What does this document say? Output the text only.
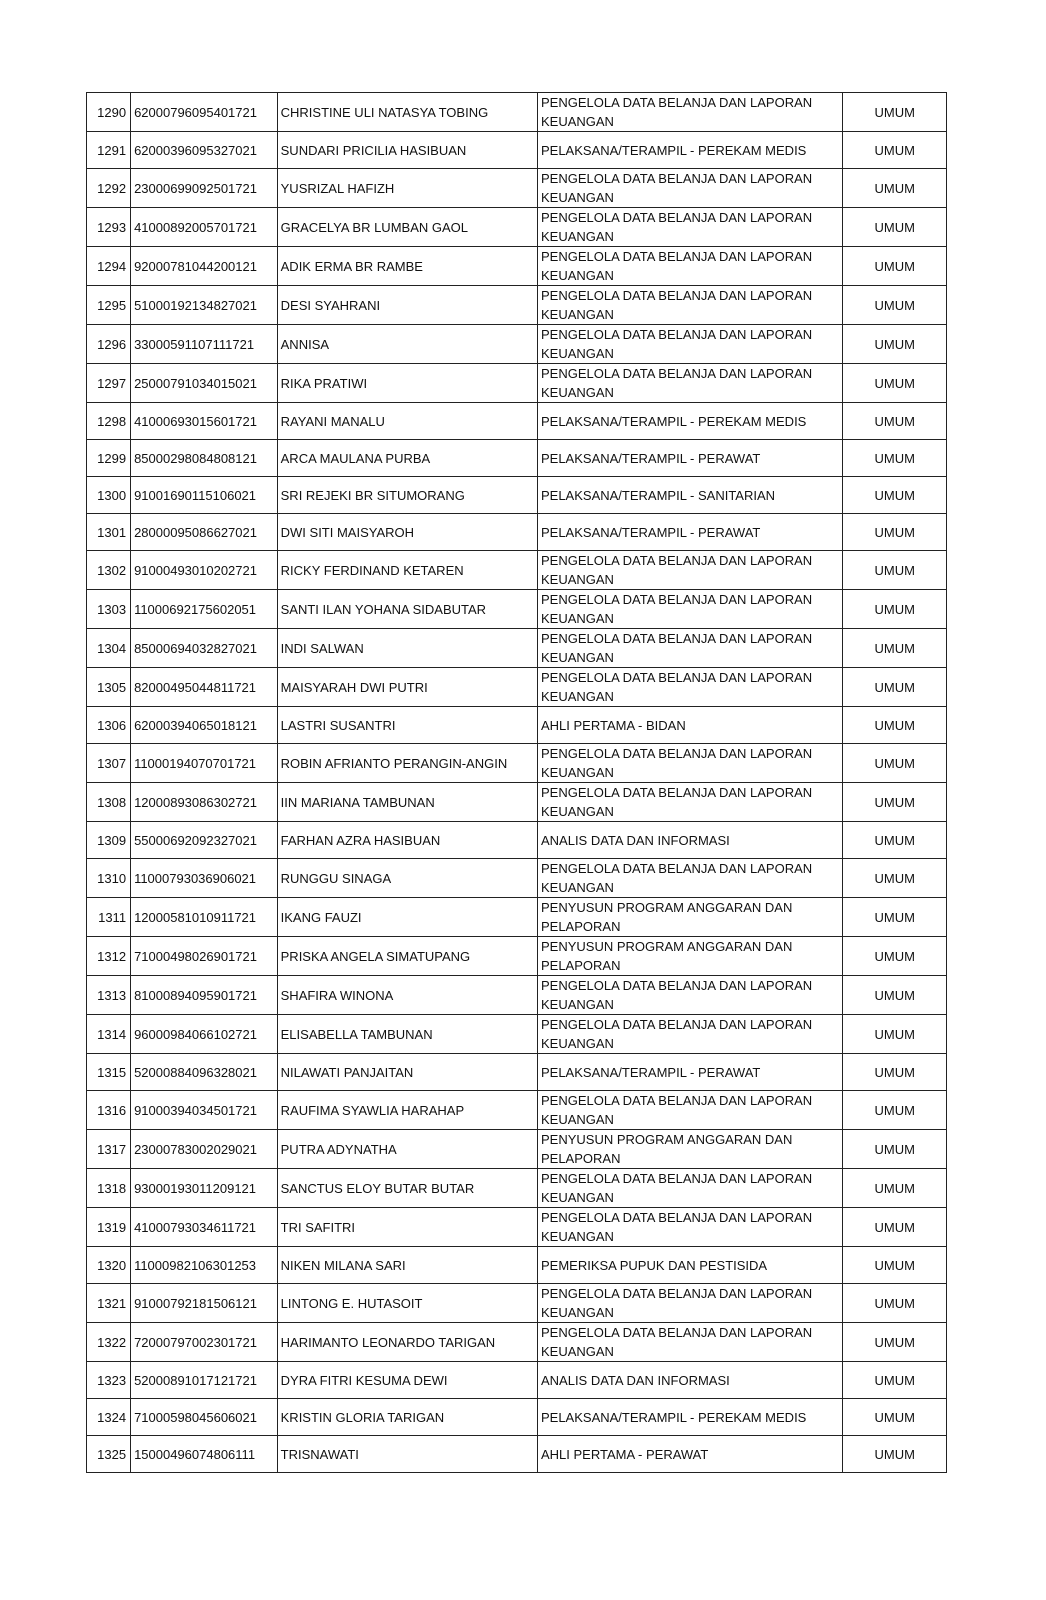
1290	62000796095401721	CHRISTINE ULI NATASYA TOBING	PENGELOLA DATA BELANJA DAN LAPORAN
KEUANGAN	UMUM
1291	62000396095327021	SUNDARI PRICILIA HASIBUAN	PELAKSANA/TERAMPIL - PEREKAM MEDIS	UMUM
1292	23000699092501721	YUSRIZAL HAFIZH	PENGELOLA DATA BELANJA DAN LAPORAN
KEUANGAN	UMUM
1293	41000892005701721	GRACELYA BR LUMBAN GAOL	PENGELOLA DATA BELANJA DAN LAPORAN
KEUANGAN	UMUM
1294	92000781044200121	ADIK ERMA BR RAMBE	PENGELOLA DATA BELANJA DAN LAPORAN
KEUANGAN	UMUM
1295	51000192134827021	DESI SYAHRANI	PENGELOLA DATA BELANJA DAN LAPORAN
KEUANGAN	UMUM
1296	33000591107111721	ANNISA	PENGELOLA DATA BELANJA DAN LAPORAN
KEUANGAN	UMUM
1297	25000791034015021	RIKA PRATIWI	PENGELOLA DATA BELANJA DAN LAPORAN
KEUANGAN	UMUM
1298	41000693015601721	RAYANI MANALU	PELAKSANA/TERAMPIL - PEREKAM MEDIS	UMUM
1299	85000298084808121	ARCA MAULANA PURBA	PELAKSANA/TERAMPIL - PERAWAT	UMUM
1300	91001690115106021	SRI REJEKI BR SITUMORANG	PELAKSANA/TERAMPIL - SANITARIAN	UMUM
1301	28000095086627021	DWI SITI MAISYAROH	PELAKSANA/TERAMPIL - PERAWAT	UMUM
1302	91000493010202721	RICKY FERDINAND KETAREN	PENGELOLA DATA BELANJA DAN LAPORAN
KEUANGAN	UMUM
1303	11000692175602051	SANTI ILAN YOHANA SIDABUTAR	PENGELOLA DATA BELANJA DAN LAPORAN
KEUANGAN	UMUM
1304	85000694032827021	INDI SALWAN	PENGELOLA DATA BELANJA DAN LAPORAN
KEUANGAN	UMUM
1305	82000495044811721	MAISYARAH DWI PUTRI	PENGELOLA DATA BELANJA DAN LAPORAN
KEUANGAN	UMUM
1306	62000394065018121	LASTRI SUSANTRI	AHLI PERTAMA - BIDAN	UMUM
1307	11000194070701721	ROBIN AFRIANTO PERANGIN-ANGIN	PENGELOLA DATA BELANJA DAN LAPORAN
KEUANGAN	UMUM
1308	12000893086302721	IIN MARIANA TAMBUNAN	PENGELOLA DATA BELANJA DAN LAPORAN
KEUANGAN	UMUM
1309	55000692092327021	FARHAN AZRA HASIBUAN	ANALIS DATA DAN INFORMASI	UMUM
1310	11000793036906021	RUNGGU SINAGA	PENGELOLA DATA BELANJA DAN LAPORAN
KEUANGAN	UMUM
1311	12000581010911721	IKANG FAUZI	PENYUSUN PROGRAM ANGGARAN DAN
PELAPORAN	UMUM
1312	71000498026901721	PRISKA ANGELA SIMATUPANG	PENYUSUN PROGRAM ANGGARAN DAN
PELAPORAN	UMUM
1313	81000894095901721	SHAFIRA WINONA	PENGELOLA DATA BELANJA DAN LAPORAN
KEUANGAN	UMUM
1314	96000984066102721	ELISABELLA TAMBUNAN	PENGELOLA DATA BELANJA DAN LAPORAN
KEUANGAN	UMUM
1315	52000884096328021	NILAWATI PANJAITAN	PELAKSANA/TERAMPIL - PERAWAT	UMUM
1316	91000394034501721	RAUFIMA SYAWLIA HARAHAP	PENGELOLA DATA BELANJA DAN LAPORAN
KEUANGAN	UMUM
1317	23000783002029021	PUTRA ADYNATHA	PENYUSUN PROGRAM ANGGARAN DAN
PELAPORAN	UMUM
1318	93000193011209121	SANCTUS ELOY BUTAR BUTAR	PENGELOLA DATA BELANJA DAN LAPORAN
KEUANGAN	UMUM
1319	41000793034611721	TRI SAFITRI	PENGELOLA DATA BELANJA DAN LAPORAN
KEUANGAN	UMUM
1320	11000982106301253	NIKEN MILANA SARI	PEMERIKSA PUPUK DAN PESTISIDA	UMUM
1321	91000792181506121	LINTONG E. HUTASOIT	PENGELOLA DATA BELANJA DAN LAPORAN
KEUANGAN	UMUM
1322	72000797002301721	HARIMANTO LEONARDO TARIGAN	PENGELOLA DATA BELANJA DAN LAPORAN
KEUANGAN	UMUM
1323	52000891017121721	DYRA FITRI KESUMA DEWI	ANALIS DATA DAN INFORMASI	UMUM
1324	71000598045606021	KRISTIN GLORIA TARIGAN	PELAKSANA/TERAMPIL - PEREKAM MEDIS	UMUM
1325	15000496074806111	TRISNAWATI	AHLI PERTAMA - PERAWAT	UMUM
